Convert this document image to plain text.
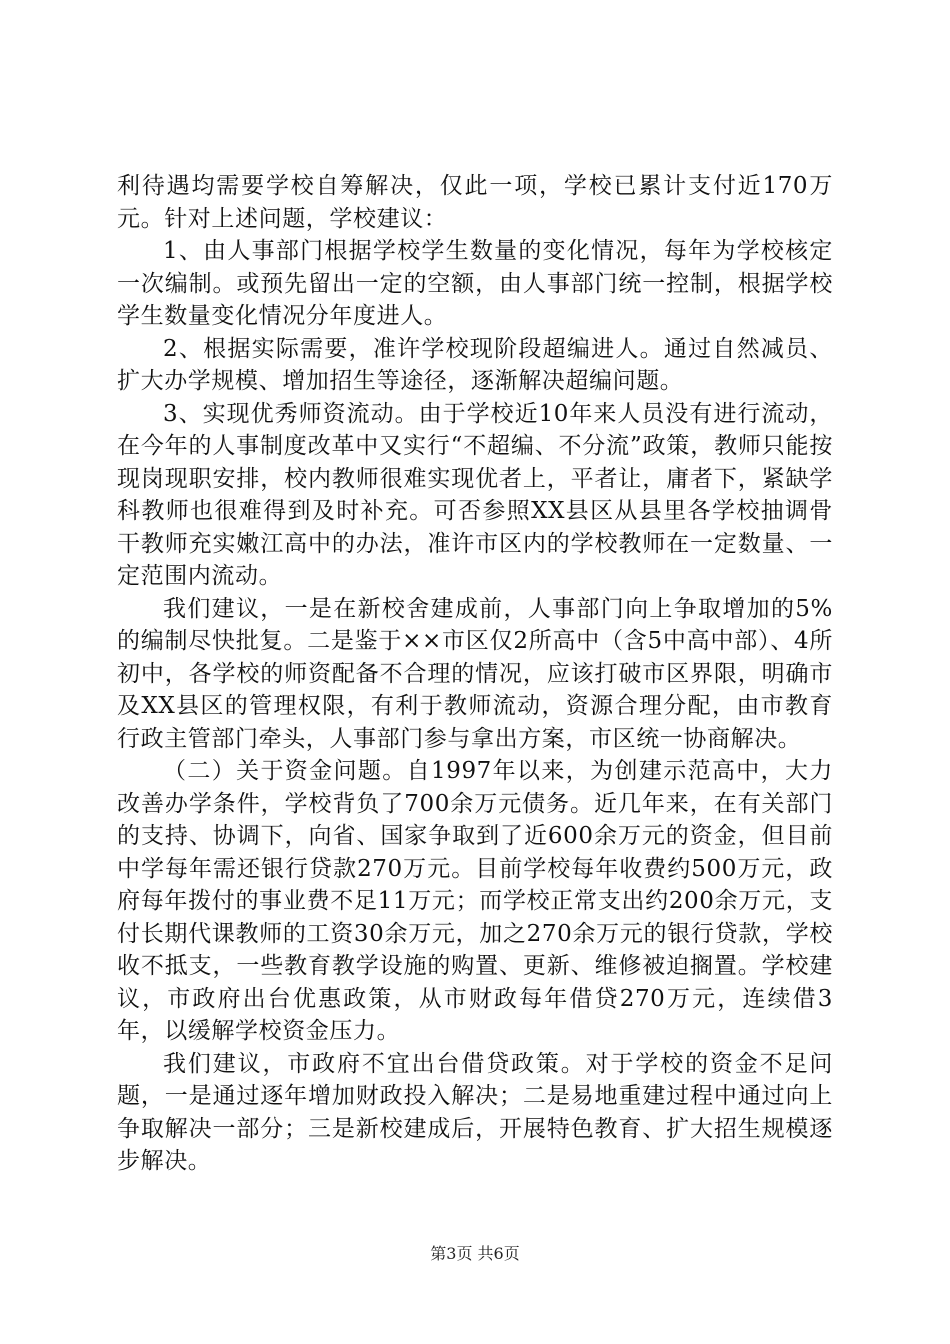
利待遇均需要学校自筹解决，仅此一项，学校已累计支付近170万元。针对上述问题，学校建议：

1、由人事部门根据学校学生数量的变化情况，每年为学校核定一次编制。或预先留出一定的空额，由人事部门统一控制，根据学校学生数量变化情况分年度进人。

2、根据实际需要，准许学校现阶段超编进人。通过自然减员、扩大办学规模、增加招生等途径，逐渐解决超编问题。

3、实现优秀师资流动。由于学校近10年来人员没有进行流动，在今年的人事制度改革中又实行“不超编、不分流”政策，教师只能按现岗现职安排，校内教师很难实现优者上，平者让，庸者下，紧缺学科教师也很难得到及时补充。可否参照XX县区从县里各学校抽调骨干教师充实嫩江高中的办法，准许市区内的学校教师在一定数量、一定范围内流动。

我们建议，一是在新校舍建成前，人事部门向上争取增加的5%的编制尽快批复。二是鉴于××市区仅2所高中（含5中高中部）、4所初中，各学校的师资配备不合理的情况，应该打破市区界限，明确市及XX县区的管理权限，有利于教师流动，资源合理分配，由市教育行政主管部门牵头，人事部门参与拿出方案，市区统一协商解决。

（二）关于资金问题。自1997年以来，为创建示范高中，大力改善办学条件，学校背负了700余万元债务。近几年来，在有关部门的支持、协调下，向省、国家争取到了近600余万元的资金，但目前中学每年需还银行贷款270万元。目前学校每年收费约500万元，政府每年拨付的事业费不足11万元；而学校正常支出约200余万元，支付长期代课教师的工资30余万元，加之270余万元的银行贷款，学校收不抵支，一些教育教学设施的购置、更新、维修被迫搁置。学校建议，市政府出台优惠政策，从市财政每年借贷270万元，连续借3年，以缓解学校资金压力。

我们建议，市政府不宜出台借贷政策。对于学校的资金不足问题，一是通过逐年增加财政投入解决；二是易地重建过程中通过向上争取解决一部分；三是新校建成后，开展特色教育、扩大招生规模逐步解决。

第3页 共6页
